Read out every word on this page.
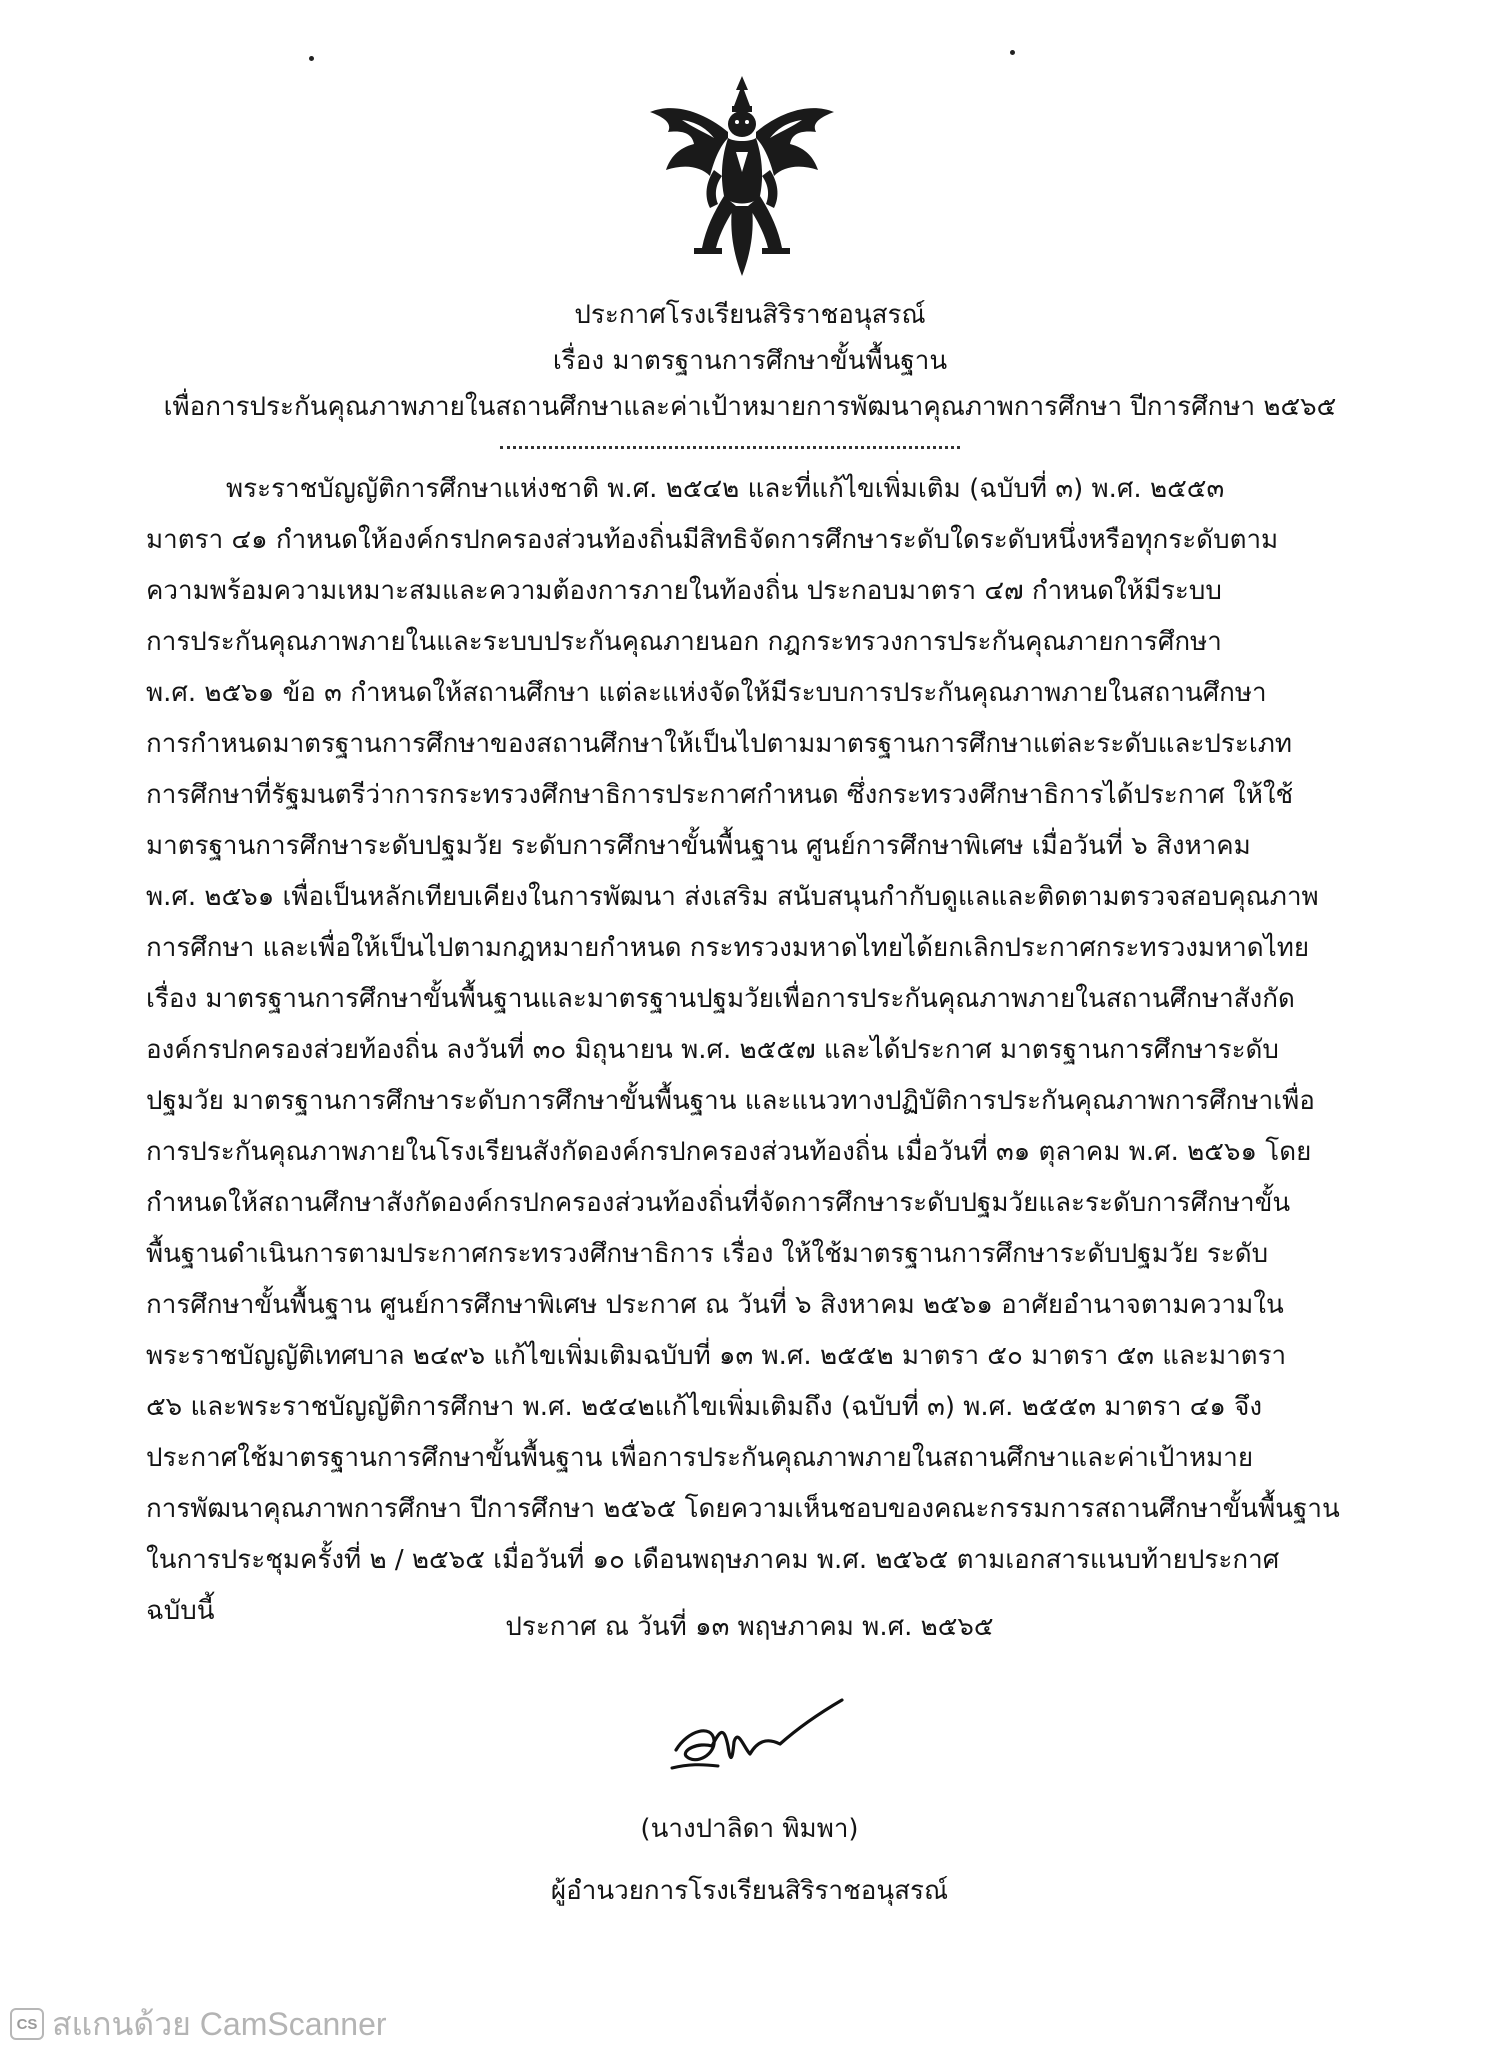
ประกาศโรงเรียนสิริราชอนุสรณ์
เรื่อง มาตรฐานการศึกษาขั้นพื้นฐาน
เพื่อการประกันคุณภาพภายในสถานศึกษาและค่าเป้าหมายการพัฒนาคุณภาพการศึกษา ปีการศึกษา ๒๕๖๕
พระราชบัญญัติการศึกษาแห่งชาติ พ.ศ. ๒๕๔๒ และที่แก้ไขเพิ่มเติม (ฉบับที่ ๓) พ.ศ. ๒๕๕๓
มาตรา ๔๑ กำหนดให้องค์กรปกครองส่วนท้องถิ่นมีสิทธิจัดการศึกษาระดับใดระดับหนึ่งหรือทุกระดับตาม
ความพร้อมความเหมาะสมและความต้องการภายในท้องถิ่น ประกอบมาตรา ๔๗ กำหนดให้มีระบบ
การประกันคุณภาพภายในและระบบประกันคุณภายนอก กฎกระทรวงการประกันคุณภายการศึกษา
พ.ศ. ๒๕๖๑ ข้อ ๓ กำหนดให้สถานศึกษา แต่ละแห่งจัดให้มีระบบการประกันคุณภาพภายในสถานศึกษา
การกำหนดมาตรฐานการศึกษาของสถานศึกษาให้เป็นไปตามมาตรฐานการศึกษาแต่ละระดับและประเภท
การศึกษาที่รัฐมนตรีว่าการกระทรวงศึกษาธิการประกาศกำหนด ซึ่งกระทรวงศึกษาธิการได้ประกาศ ให้ใช้
มาตรฐานการศึกษาระดับปฐมวัย ระดับการศึกษาขั้นพื้นฐาน ศูนย์การศึกษาพิเศษ เมื่อวันที่ ๖ สิงหาคม
พ.ศ. ๒๕๖๑ เพื่อเป็นหลักเทียบเคียงในการพัฒนา ส่งเสริม สนับสนุนกำกับดูแลและติดตามตรวจสอบคุณภาพ
การศึกษา และเพื่อให้เป็นไปตามกฎหมายกำหนด กระทรวงมหาดไทยได้ยกเลิกประกาศกระทรวงมหาดไทย
เรื่อง มาตรฐานการศึกษาขั้นพื้นฐานและมาตรฐานปฐมวัยเพื่อการประกันคุณภาพภายในสถานศึกษาสังกัด
องค์กรปกครองส่วยท้องถิ่น ลงวันที่ ๓๐ มิถุนายน พ.ศ. ๒๕๕๗ และได้ประกาศ มาตรฐานการศึกษาระดับ
ปฐมวัย มาตรฐานการศึกษาระดับการศึกษาขั้นพื้นฐาน และแนวทางปฏิบัติการประกันคุณภาพการศึกษาเพื่อ
การประกันคุณภาพภายในโรงเรียนสังกัดองค์กรปกครองส่วนท้องถิ่น เมื่อวันที่ ๓๑ ตุลาคม พ.ศ. ๒๕๖๑ โดย
กำหนดให้สถานศึกษาสังกัดองค์กรปกครองส่วนท้องถิ่นที่จัดการศึกษาระดับปฐมวัยและระดับการศึกษาขั้น
พื้นฐานดำเนินการตามประกาศกระทรวงศึกษาธิการ เรื่อง ให้ใช้มาตรฐานการศึกษาระดับปฐมวัย ระดับ
การศึกษาขั้นพื้นฐาน ศูนย์การศึกษาพิเศษ ประกาศ ณ วันที่ ๖ สิงหาคม ๒๕๖๑ อาศัยอำนาจตามความใน
พระราชบัญญัติเทศบาล ๒๔๙๖ แก้ไขเพิ่มเติมฉบับที่ ๑๓ พ.ศ. ๒๕๕๒ มาตรา ๕๐ มาตรา ๕๓ และมาตรา
๕๖ และพระราชบัญญัติการศึกษา พ.ศ. ๒๕๔๒แก้ไขเพิ่มเติมถึง (ฉบับที่ ๓) พ.ศ. ๒๕๕๓ มาตรา ๔๑ จึง
ประกาศใช้มาตรฐานการศึกษาขั้นพื้นฐาน เพื่อการประกันคุณภาพภายในสถานศึกษาและค่าเป้าหมาย
การพัฒนาคุณภาพการศึกษา ปีการศึกษา ๒๕๖๕ โดยความเห็นชอบของคณะกรรมการสถานศึกษาขั้นพื้นฐาน
ในการประชุมครั้งที่ ๒ / ๒๕๖๕ เมื่อวันที่ ๑๐ เดือนพฤษภาคม พ.ศ. ๒๕๖๕ ตามเอกสารแนบท้ายประกาศ
ฉบับนี้
ประกาศ ณ วันที่ ๑๓ พฤษภาคม พ.ศ. ๒๕๖๕
(นางปาลิดา พิมพา)
ผู้อำนวยการโรงเรียนสิริราชอนุสรณ์
CS สแกนด้วย CamScanner
